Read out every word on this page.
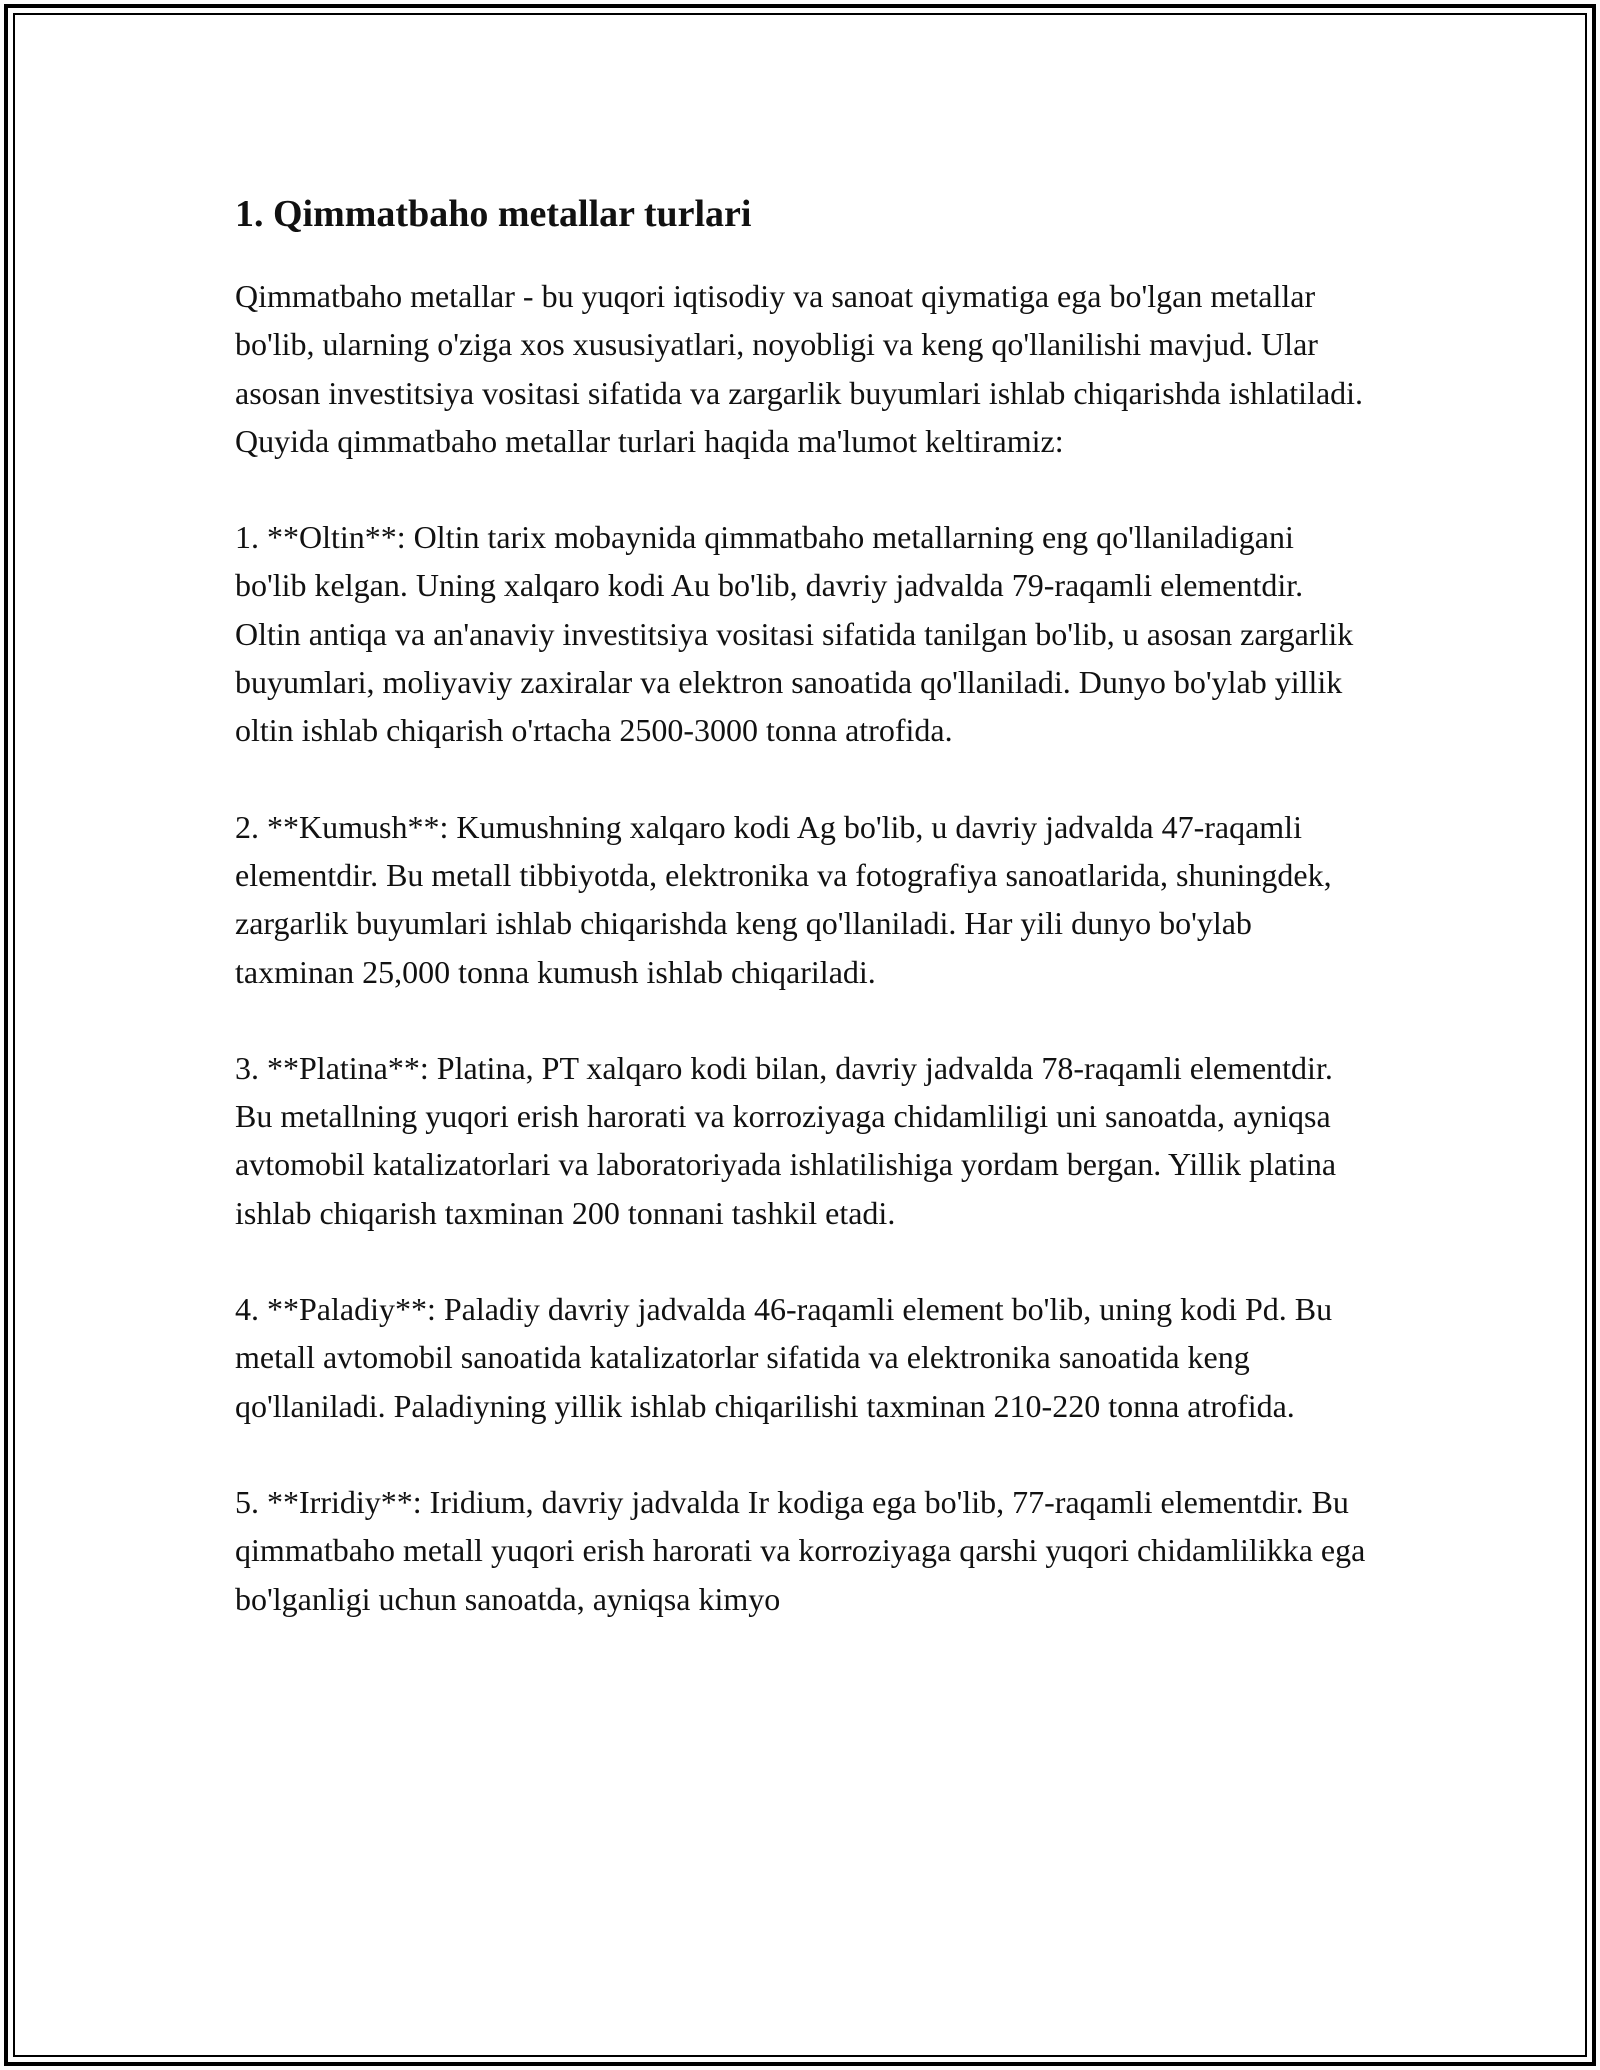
1. Qimmatbaho metallar turlari

Qimmatbaho metallar - bu yuqori iqtisodiy va sanoat qiymatiga ega bo'lgan metallar bo'lib, ularning o'ziga xos xususiyatlari, noyobligi va keng qo'llanilishi mavjud. Ular asosan investitsiya vositasi sifatida va zargarlik buyumlari ishlab chiqarishda ishlatiladi. Quyida qimmatbaho metallar turlari haqida ma'lumot keltiramiz:

1. **Oltin**: Oltin tarix mobaynida qimmatbaho metallarning eng qo'llaniladigani bo'lib kelgan. Uning xalqaro kodi Au bo'lib, davriy jadvalda 79-raqamli elementdir. Oltin antiqa va an'anaviy investitsiya vositasi sifatida tanilgan bo'lib, u asosan zargarlik buyumlari, moliyaviy zaxiralar va elektron sanoatida qo'llaniladi. Dunyo bo'ylab yillik oltin ishlab chiqarish o'rtacha 2500-3000 tonna atrofida.

2. **Kumush**: Kumushning xalqaro kodi Ag bo'lib, u davriy jadvalda 47-raqamli elementdir. Bu metall tibbiyotda, elektronika va fotografiya sanoatlarida, shuningdek, zargarlik buyumlari ishlab chiqarishda keng qo'llaniladi. Har yili dunyo bo'ylab taxminan 25,000 tonna kumush ishlab chiqariladi.

3. **Platina**: Platina, PT xalqaro kodi bilan, davriy jadvalda 78-raqamli elementdir. Bu metallning yuqori erish harorati va korroziyaga chidamliligi uni sanoatda, ayniqsa avtomobil katalizatorlari va laboratoriyada ishlatilishiga yordam bergan. Yillik platina ishlab chiqarish taxminan 200 tonnani tashkil etadi.

4. **Paladiy**: Paladiy davriy jadvalda 46-raqamli element bo'lib, uning kodi Pd. Bu metall avtomobil sanoatida katalizatorlar sifatida va elektronika sanoatida keng qo'llaniladi. Paladiyning yillik ishlab chiqarilishi taxminan 210-220 tonna atrofida.

5. **Irridiy**: Iridium, davriy jadvalda Ir kodiga ega bo'lib, 77-raqamli elementdir. Bu qimmatbaho metall yuqori erish harorati va korroziyaga qarshi yuqori chidamlilikka ega bo'lganligi uchun sanoatda, ayniqsa kimyo
